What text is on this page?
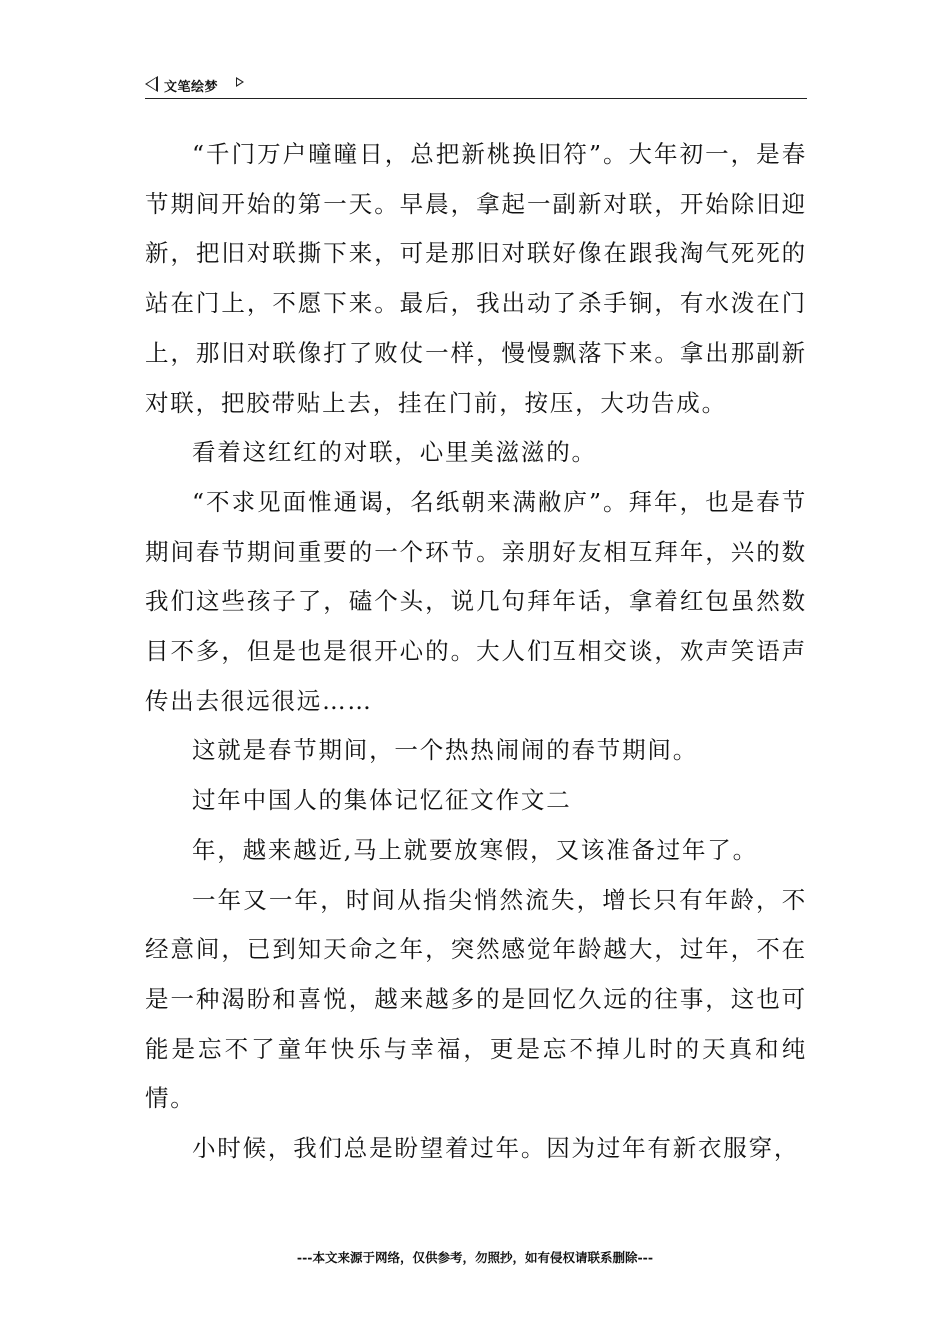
文笔绘梦

“千门万户曈曈日，总把新桃换旧符”。大年初一，是春节期间开始的第一天。早晨，拿起一副新对联，开始除旧迎新，把旧对联撕下来，可是那旧对联好像在跟我淘气死死的站在门上，不愿下来。最后，我出动了杀手锏，有水泼在门上，那旧对联像打了败仗一样，慢慢飘落下来。拿出那副新对联，把胶带贴上去，挂在门前，按压，大功告成。

看着这红红的对联，心里美滋滋的。

“不求见面惟通谒，名纸朝来满敝庐”。拜年，也是春节期间春节期间重要的一个环节。亲朋好友相互拜年，兴的数我们这些孩子了，磕个头，说几句拜年话，拿着红包虽然数目不多，但是也是很开心的。大人们互相交谈，欢声笑语声传出去很远很远……

这就是春节期间，一个热热闹闹的春节期间。

过年中国人的集体记忆征文作文二

年，越来越近,马上就要放寒假，又该准备过年了。

一年又一年，时间从指尖悄然流失，增长只有年龄，不经意间，已到知天命之年，突然感觉年龄越大，过年，不在是一种渴盼和喜悦，越来越多的是回忆久远的往事，这也可能是忘不了童年快乐与幸福，更是忘不掉儿时的天真和纯情。

小时候，我们总是盼望着过年。因为过年有新衣服穿，

---本文来源于网络，仅供参考，勿照抄，如有侵权请联系删除---
